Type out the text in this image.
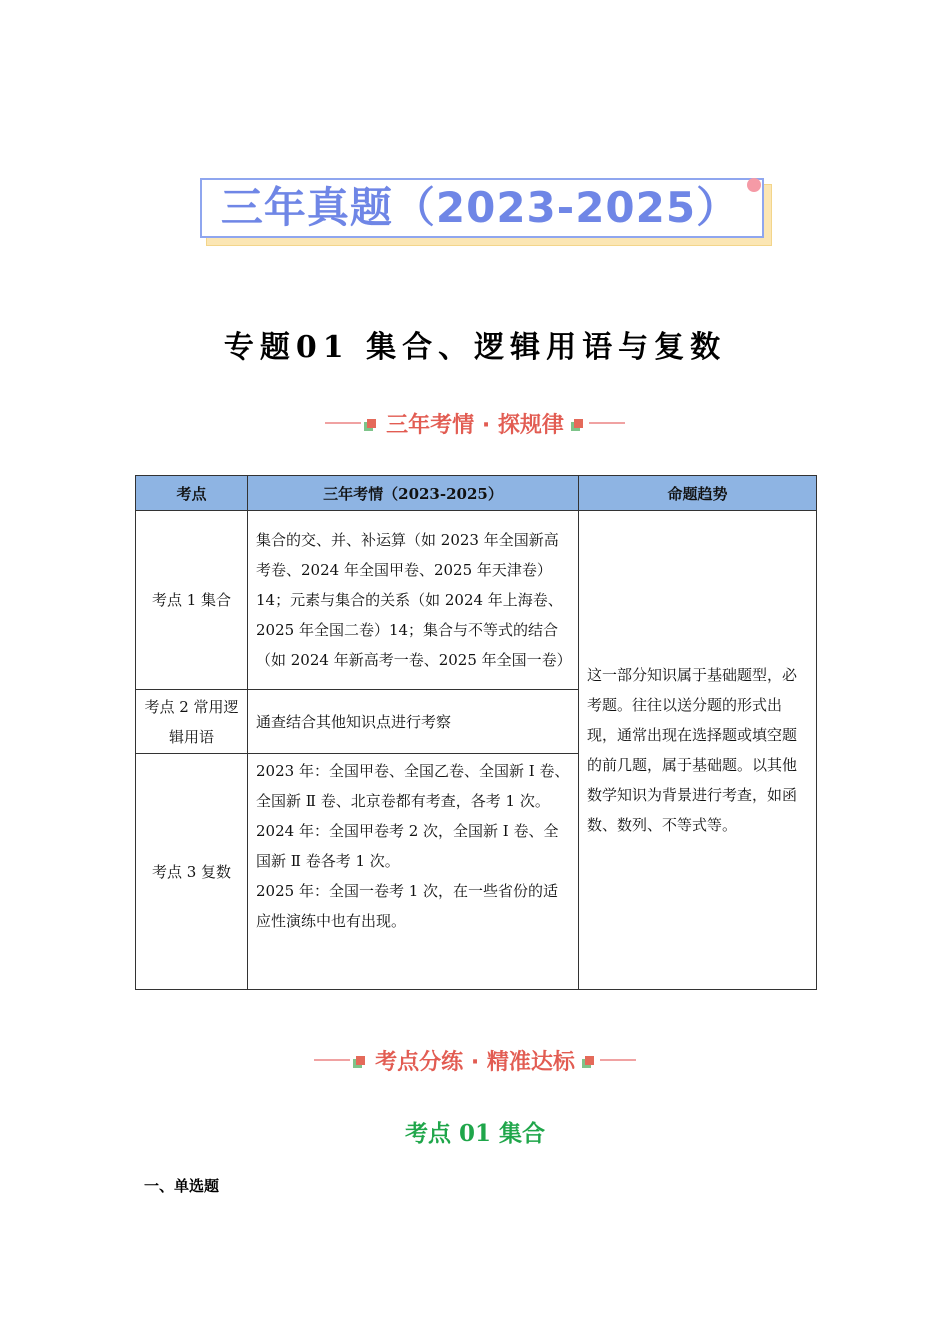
三年真题（2023-2025）
专题01 集合、逻辑用语与复数
三年考情 · 探规律
考点	三年考情（2023-2025）	命题趋势
考点 1 集合	集合的交、并、补运算（如 2023 年全国新高考卷、2024 年全国甲卷、2025 年天津卷）14；元素与集合的关系（如 2024 年上海卷、2025 年全国二卷）14；集合与不等式的结合（如 2024 年新高考一卷、2025 年全国一卷）	这一部分知识属于基础题型，必考题。往往以送分题的形式出现，通常出现在选择题或填空题的前几题，属于基础题。以其他数学知识为背景进行考查，如函数、数列、不等式等。
考点 2 常用逻辑用语	通查结合其他知识点进行考察	
考点 3 复数	2023 年：全国甲卷、全国乙卷、全国新 Ⅰ 卷、全国新 Ⅱ 卷、北京卷都有考查，各考 1 次。
2024 年：全国甲卷考 2 次，全国新 Ⅰ 卷、全国新 Ⅱ 卷各考 1 次。
2025 年：全国一卷考 1 次，在一些省份的适应性演练中也有出现。	
考点分练 · 精准达标
考点 01 集合
一、单选题
